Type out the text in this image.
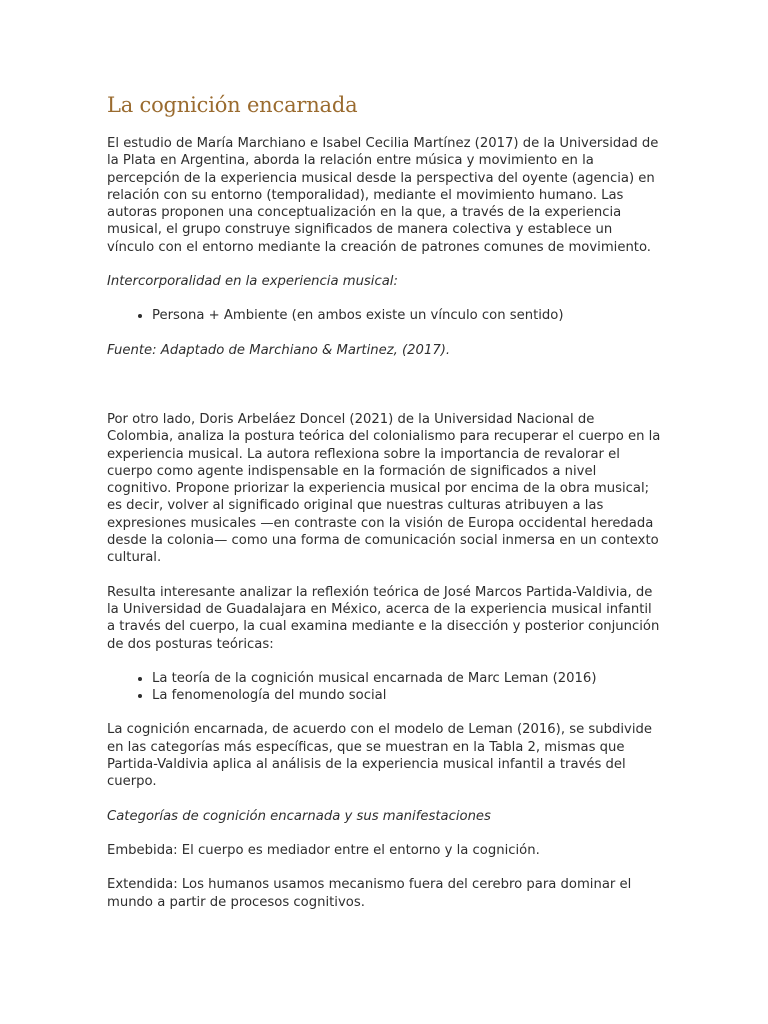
La cognición encarnada

El estudio de María Marchiano e Isabel Cecilia Martínez (2017) de la Universidad de la Plata en Argentina, aborda la relación entre música y movimiento en la percepción de la experiencia musical desde la perspectiva del oyente (agencia) en relación con su entorno (temporalidad), mediante el movimiento humano. Las autoras proponen una conceptualización en la que, a través de la experiencia musical, el grupo construye significados de manera colectiva y establece un vínculo con el entorno mediante la creación de patrones comunes de movimiento.

Intercorporalidad en la experiencia musical:

• Persona + Ambiente (en ambos existe un vínculo con sentido)

Fuente: Adaptado de Marchiano & Martinez, (2017).

Por otro lado, Doris Arbeláez Doncel (2021) de la Universidad Nacional de Colombia, analiza la postura teórica del colonialismo para recuperar el cuerpo en la experiencia musical. La autora reflexiona sobre la importancia de revalorar el cuerpo como agente indispensable en la formación de significados a nivel cognitivo. Propone priorizar la experiencia musical por encima de la obra musical; es decir, volver al significado original que nuestras culturas atribuyen a las expresiones musicales —en contraste con la visión de Europa occidental heredada desde la colonia— como una forma de comunicación social inmersa en un contexto cultural.

Resulta interesante analizar la reflexión teórica de José Marcos Partida-Valdivia, de la Universidad de Guadalajara en México, acerca de la experiencia musical infantil a través del cuerpo, la cual examina mediante e la disección y posterior conjunción de dos posturas teóricas:

• La teoría de la cognición musical encarnada de Marc Leman (2016)
• La fenomenología del mundo social

La cognición encarnada, de acuerdo con el modelo de Leman (2016), se subdivide en las categorías más específicas, que se muestran en la Tabla 2, mismas que Partida-Valdivia aplica al análisis de la experiencia musical infantil a través del cuerpo.

Categorías de cognición encarnada y sus manifestaciones

Embebida: El cuerpo es mediador entre el entorno y la cognición.

Extendida: Los humanos usamos mecanismo fuera del cerebro para dominar el mundo a partir de procesos cognitivos.
